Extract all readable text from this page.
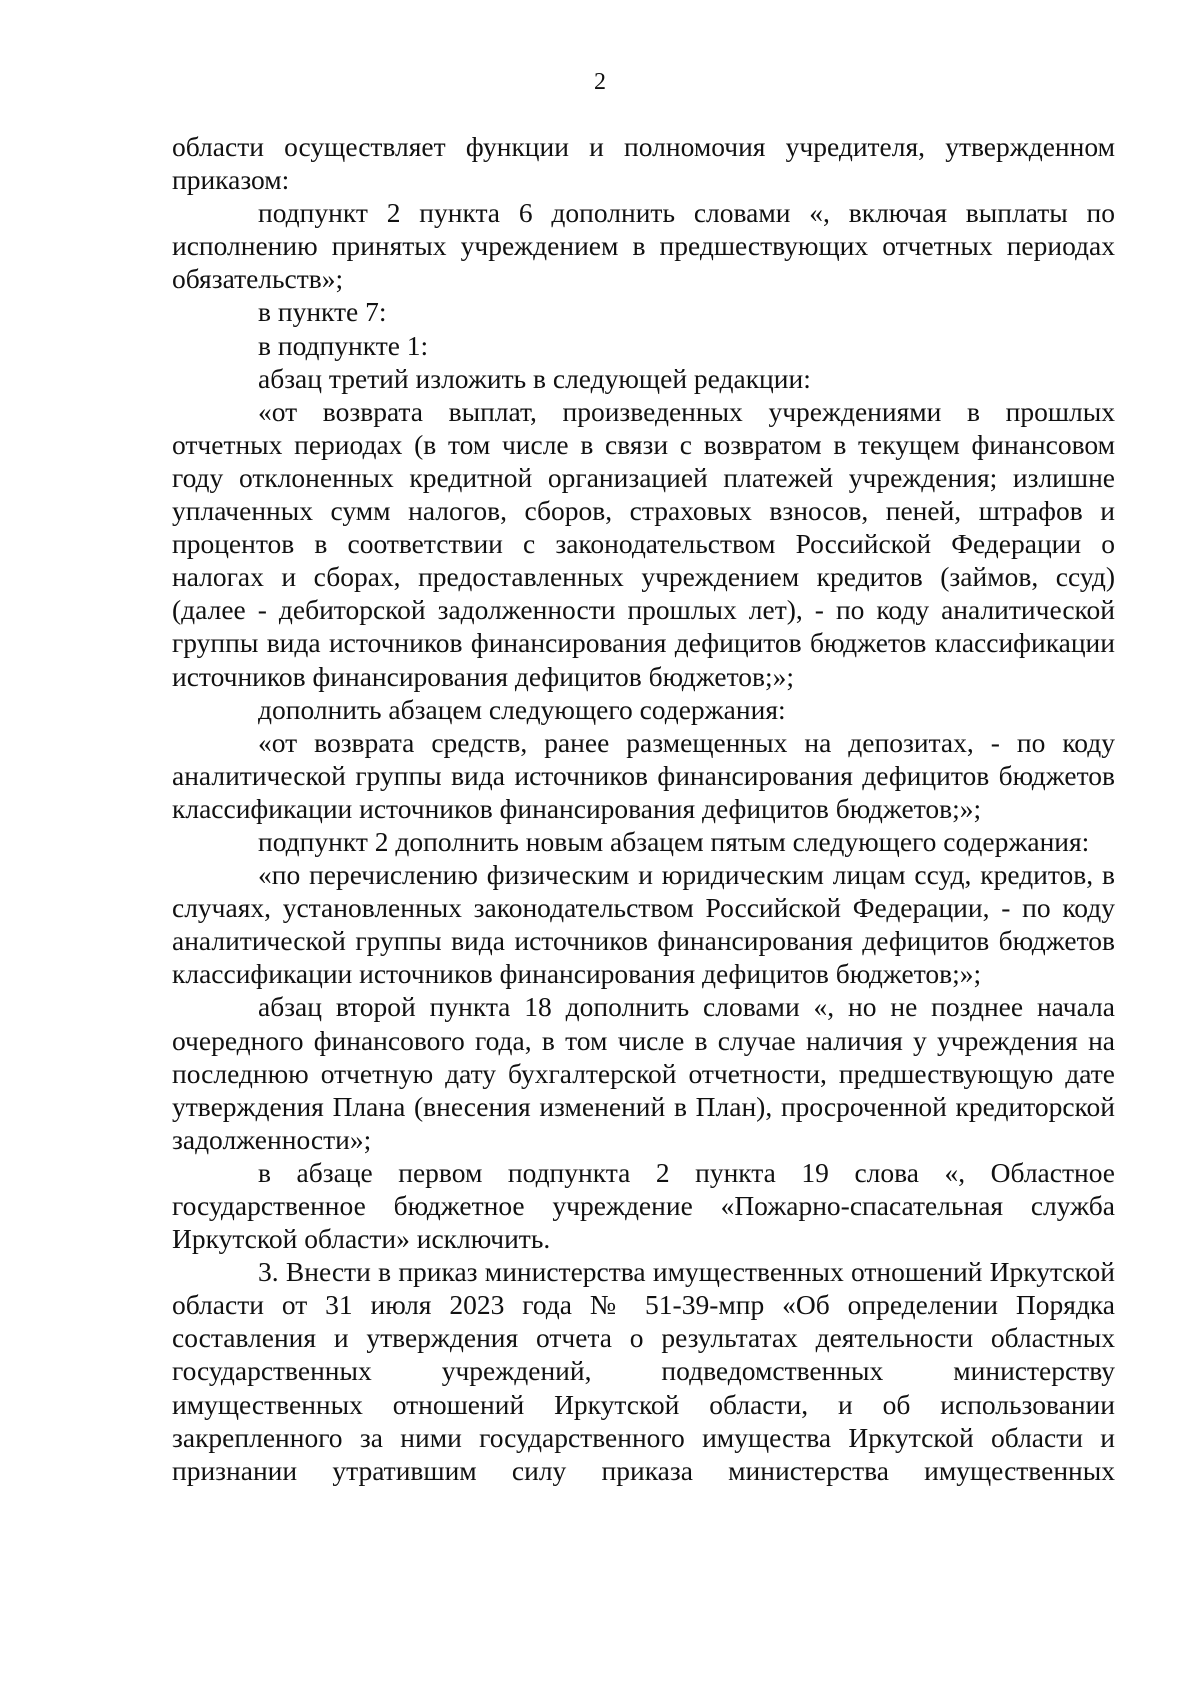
2

области осуществляет функции и полномочия учредителя, утвержденном приказом:

подпункт 2 пункта 6 дополнить словами «, включая выплаты по исполнению принятых учреждением в предшествующих отчетных периодах обязательств»;

в пункте 7:

в подпункте 1:

абзац третий изложить в следующей редакции:

«от возврата выплат, произведенных учреждениями в прошлых отчетных периодах (в том числе в связи с возвратом в текущем финансовом году отклоненных кредитной организацией платежей учреждения; излишне уплаченных сумм налогов, сборов, страховых взносов, пеней, штрафов и процентов в соответствии с законодательством Российской Федерации о налогах и сборах, предоставленных учреждением кредитов (займов, ссуд) (далее - дебиторской задолженности прошлых лет), - по коду аналитической группы вида источников финансирования дефицитов бюджетов классификации источников финансирования дефицитов бюджетов;»;

дополнить абзацем следующего содержания:

«от возврата средств, ранее размещенных на депозитах, - по коду аналитической группы вида источников финансирования дефицитов бюджетов классификации источников финансирования дефицитов бюджетов;»;

подпункт 2 дополнить новым абзацем пятым следующего содержания:

«по перечислению физическим и юридическим лицам ссуд, кредитов, в случаях, установленных законодательством Российской Федерации, - по коду аналитической группы вида источников финансирования дефицитов бюджетов классификации источников финансирования дефицитов бюджетов;»;

абзац второй пункта 18 дополнить словами «, но не позднее начала очередного финансового года, в том числе в случае наличия у учреждения на последнюю отчетную дату бухгалтерской отчетности, предшествующую дате утверждения Плана (внесения изменений в План), просроченной кредиторской задолженности»;

в абзаце первом подпункта 2 пункта 19 слова «, Областное государственное бюджетное учреждение «Пожарно-спасательная служба Иркутской области» исключить.

3. Внести в приказ министерства имущественных отношений Иркутской области от 31 июля 2023 года № 51-39-мпр «Об определении Порядка составления и утверждения отчета о результатах деятельности областных государственных учреждений, подведомственных министерству имущественных отношений Иркутской области, и об использовании закрепленного за ними государственного имущества Иркутской области и признании утратившим силу приказа министерства имущественных
